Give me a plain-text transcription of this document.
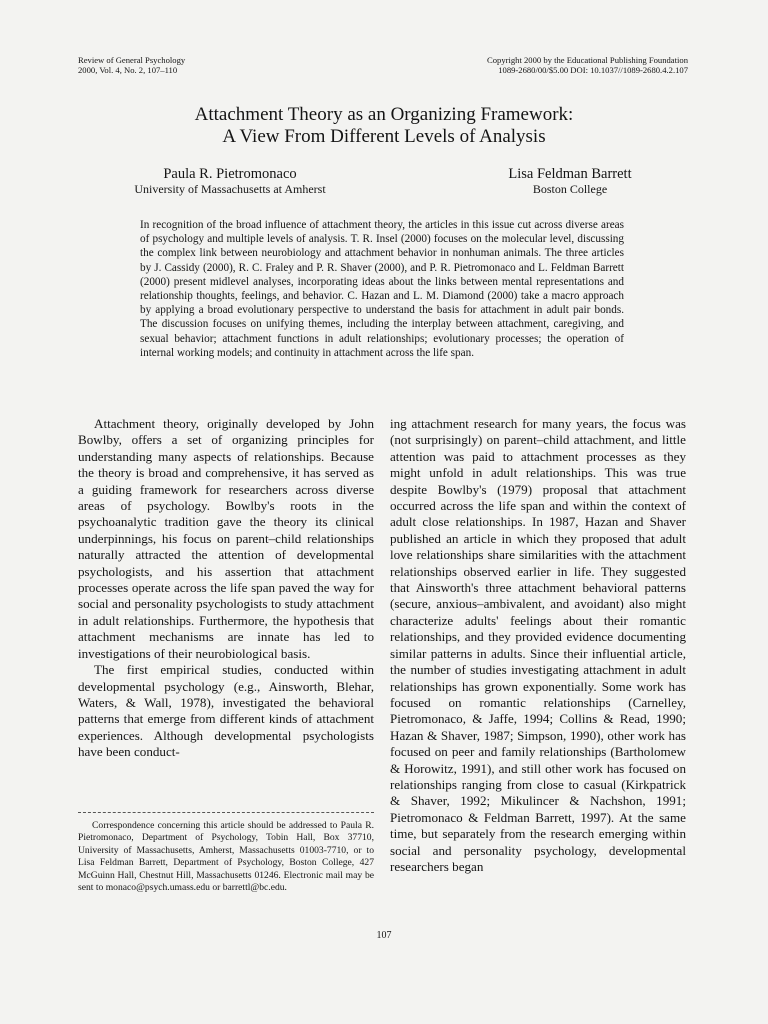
Review of General Psychology
2000, Vol. 4, No. 2, 107–110
Copyright 2000 by the Educational Publishing Foundation
1089-2680/00/$5.00 DOI: 10.1037//1089-2680.4.2.107
Attachment Theory as an Organizing Framework:
A View From Different Levels of Analysis
Paula R. Pietromonaco
University of Massachusetts at Amherst
Lisa Feldman Barrett
Boston College
In recognition of the broad influence of attachment theory, the articles in this issue cut across diverse areas of psychology and multiple levels of analysis. T. R. Insel (2000) focuses on the molecular level, discussing the complex link between neurobiology and attachment behavior in nonhuman animals. The three articles by J. Cassidy (2000), R. C. Fraley and P. R. Shaver (2000), and P. R. Pietromonaco and L. Feldman Barrett (2000) present midlevel analyses, incorporating ideas about the links between mental representations and relationship thoughts, feelings, and behavior. C. Hazan and L. M. Diamond (2000) take a macro approach by applying a broad evolutionary perspective to understand the basis for attachment in adult pair bonds. The discussion focuses on unifying themes, including the interplay between attachment, caregiving, and sexual behavior; attachment functions in adult relationships; evolutionary processes; the operation of internal working models; and continuity in attachment across the life span.

Attachment theory, originally developed by John Bowlby, offers a set of organizing principles for understanding many aspects of relationships. Because the theory is broad and comprehensive, it has served as a guiding framework for researchers across diverse areas of psychology. Bowlby's roots in the psychoanalytic tradition gave the theory its clinical underpinnings, his focus on parent–child relationships naturally attracted the attention of developmental psychologists, and his assertion that attachment processes operate across the life span paved the way for social and personality psychologists to study attachment in adult relationships. Furthermore, the hypothesis that attachment mechanisms are innate has led to investigations of their neurobiological basis.

The first empirical studies, conducted within developmental psychology (e.g., Ainsworth, Blehar, Waters, & Wall, 1978), investigated the behavioral patterns that emerge from different kinds of attachment experiences. Although developmental psychologists have been conduct-

ing attachment research for many years, the focus was (not surprisingly) on parent–child attachment, and little attention was paid to attachment processes as they might unfold in adult relationships. This was true despite Bowlby's (1979) proposal that attachment occurred across the life span and within the context of adult close relationships. In 1987, Hazan and Shaver published an article in which they proposed that adult love relationships share similarities with the attachment relationships observed earlier in life. They suggested that Ainsworth's three attachment behavioral patterns (secure, anxious–ambivalent, and avoidant) also might characterize adults' feelings about their romantic relationships, and they provided evidence documenting similar patterns in adults. Since their influential article, the number of studies investigating attachment in adult relationships has grown exponentially. Some work has focused on romantic relationships (Carnelley, Pietromonaco, & Jaffe, 1994; Collins & Read, 1990; Hazan & Shaver, 1987; Simpson, 1990), other work has focused on peer and family relationships (Bartholomew & Horowitz, 1991), and still other work has focused on relationships ranging from close to casual (Kirkpatrick & Shaver, 1992; Mikulincer & Nachshon, 1991; Pietromonaco & Feldman Barrett, 1997). At the same time, but separately from the research emerging within social and personality psychology, developmental researchers began

Correspondence concerning this article should be addressed to Paula R. Pietromonaco, Department of Psychology, Tobin Hall, Box 37710, University of Massachusetts, Amherst, Massachusetts 01003-7710, or to Lisa Feldman Barrett, Department of Psychology, Boston College, 427 McGuinn Hall, Chestnut Hill, Massachusetts 01246. Electronic mail may be sent to monaco@psych.umass.edu or barrettl@bc.edu.

107
